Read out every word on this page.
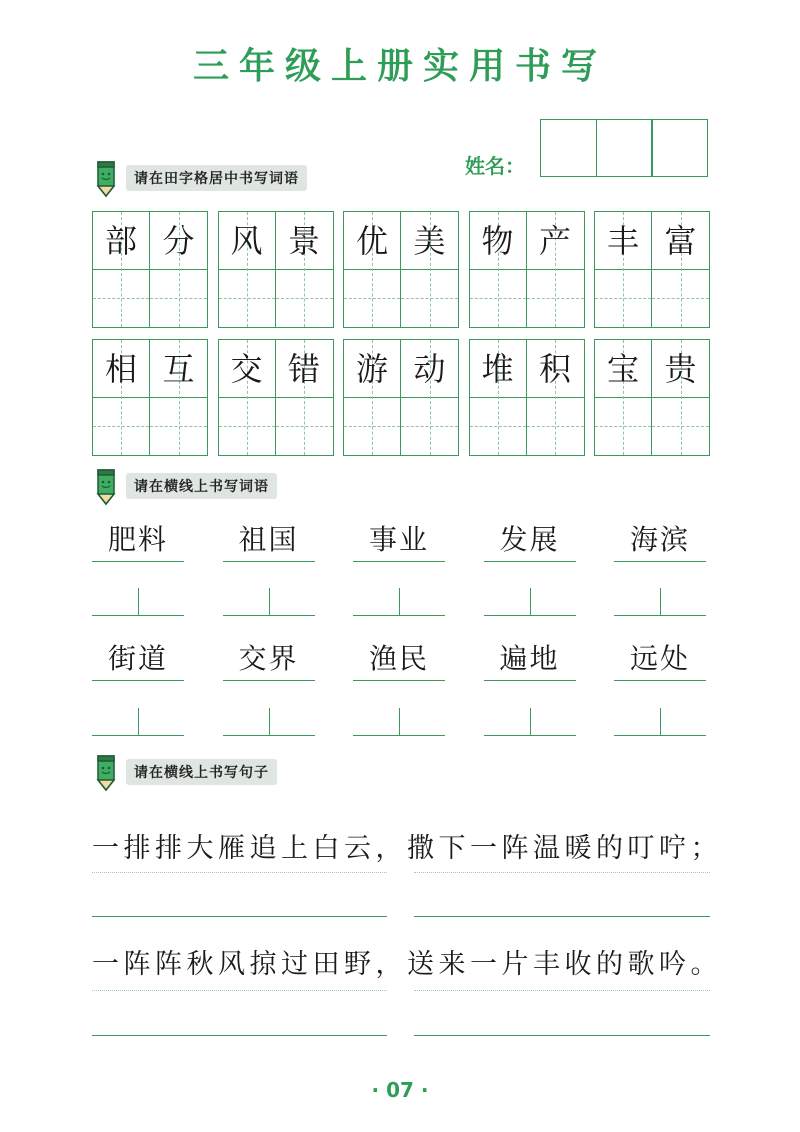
三年级上册实用书写
姓名：
请在田字格居中书写词语
部 分	风 景	优 美	物 产	丰 富
相 互	交 错	游 动	堆 积	宝 贵
请在横线上书写词语
肥料	祖国	事业	发展	海滨
街道	交界	渔民	遍地	远处
请在横线上书写句子
一排排大雁追上白云，撒下一阵温暖的叮咛；
一阵阵秋风掠过田野，送来一片丰收的歌吟。
· 07 ·
